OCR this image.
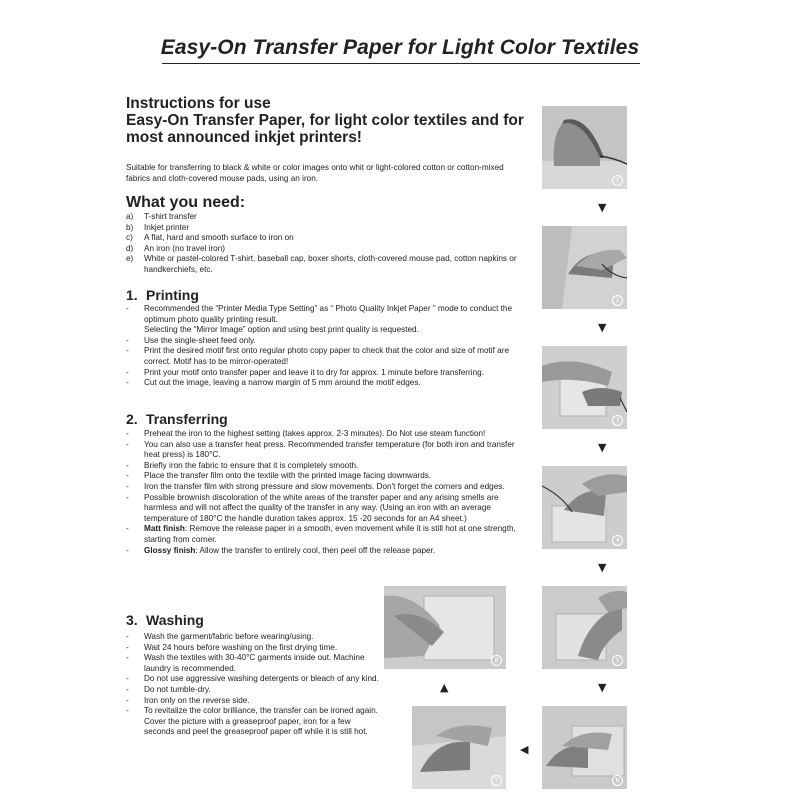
Easy-On Transfer Paper for Light Color Textiles
Instructions for use
Easy-On Transfer Paper, for light color textiles and for
most announced inkjet printers!
Suitable for transferring to black & white or color images onto whit or light-colored cotton or cotton-mixed fabrics and cloth-covered mouse pads, using an iron.
What you need:
a)	T-shirt transfer
b)	Inkjet printer
c)	A flat, hard and smooth surface to iron on
d)	An iron (no travel iron)
e)	White or pastel-colored T-shirt, baseball cap, boxer shorts, cloth-covered mouse pad, cotton napkins or handkerchiefs, etc.
1. Printing
-	Recommended the “Printer Media Type Setting” as “ Photo Quality Inkjet Paper ” mode to conduct the optimum photo quality printing result.
Selecting the “Mirror Image” option and using best print quality is requested.
-	Use the single-sheet feed only.
-	Print the desired motif first onto regular photo copy paper to check that the color and size of motif are correct. Motif has to be mirror-operated!
-	Print your motif onto transfer paper and leave it to dry for approx. 1 minute before transferring.
-	Cut out the image, leaving a narrow margin of 5 mm around the motif edges.
2. Transferring
-	Preheat the iron to the highest setting (takes approx. 2-3 minutes). Do Not use steam function!
-	You can also use a transfer heat press. Recommended transfer temperature (for both iron and transfer heat press) is 180°C.
-	Briefly iron the fabric to ensure that it is completely smooth.
-	Place the transfer film onto the textile with the printed image facing downwards.
-	Iron the transfer film with strong pressure and slow movements. Don't forget the corners and edges.
-	Possible brownish discoloration of the white areas of the transfer paper and any arising smells are harmless and will not affect the quality of the transfer in any way. (Using an iron with an average temperature of 180°C the handle duration takes approx. 15 -20 seconds for an A4 sheet.)
-	Matt finish: Remove the release paper in a smooth, even movement while it is still hot at one strength, starting from corner.
-	Glossy finish: Allow the transfer to entirely cool, then peel off the release paper.
3. Washing
-	Wash the garment/fabric before wearing/using.
-	Wait 24 hours before washing on the first drying time.
-	Wash the textiles with 30-40°C garments inside out. Machine laundry is recommended.
-	Do not use aggressive washing detergents or bleach of any kind.
-	Do not tumble-dry.
-	Iron only on the reverse side.
-	To revitalize the color brilliance, the transfer can be ironed again. Cover the picture with a greaseproof paper, iron for a few seconds and peel the greaseproof paper off while it is still hot.
1
▼
2
▼
3
▼
4
▼
5
▼
6
◀
7
▲
8
